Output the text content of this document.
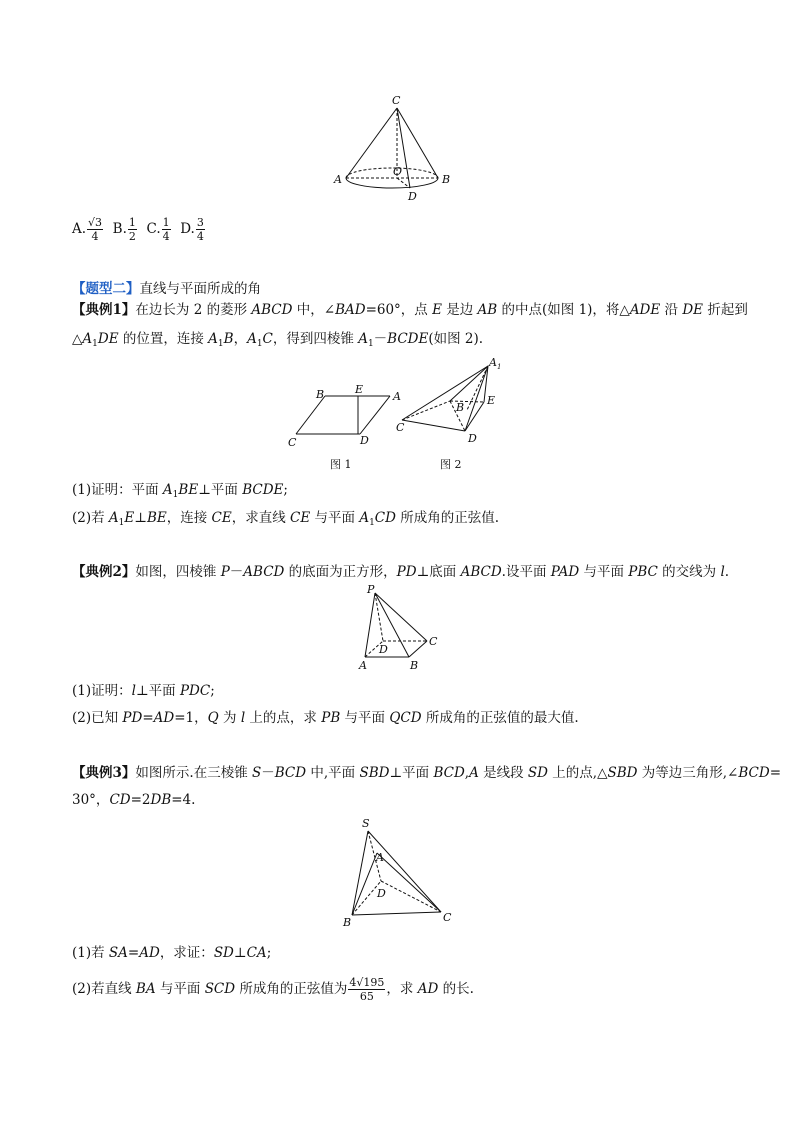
C
A	B
O
D
A. $\frac{√3}{4} B$. $\frac{1}{2} C$. $\frac{1}{4} D$. $\frac{3}{4}$
【题型二】直线与平面所成的角
【典例1】在边长为 2 的菱形 ABCD 中，∠BAD=60°，点 E 是边 AB 的中点(如图 1)，将△ADE 沿 DE 折起到
$\triangle A_1DE$ 的位置，连接 $A_1B$，$A_1C$，得到四棱锥 $A_1-BCDE$(如图 2).
B	E
A
C	D
图 1
$A_1$
B
E
C
D
图 2
(1)证明：平面 $A_1BE\perp$平面 BCDE;
(2)若 $A_1E\perp BE$，连接 CE，求直线 CE 与平面 $A_1CD$ 所成角的正弦值.
【典例2】如图，四棱锥 P－ABCD 的底面为正方形，PD⊥底面 ABCD.设平面 PAD 与平面 PBC 的交线为 l.
P
D
C
A	B
(1)证明：l⊥平面 PDC;
(2)已知 PD=AD=1，Q 为 l 上的点，求 PB 与平面 QCD 所成角的正弦值的最大值.
【典例3】如图所示.在三棱锥 S－BCD 中,平面 SBD⊥平面 BCD,A 是线段 SD 上的点,△SBD 为等边三角形,∠BCD=
30°，CD=2DB=4.
S
A
D
B	C
(1)若 SA=AD，求证：SD⊥CA;
(2)若直线 BA 与平面 SCD 所成角的正弦值为 $\frac{4√195}{65}$ ，求 AD 的长.
